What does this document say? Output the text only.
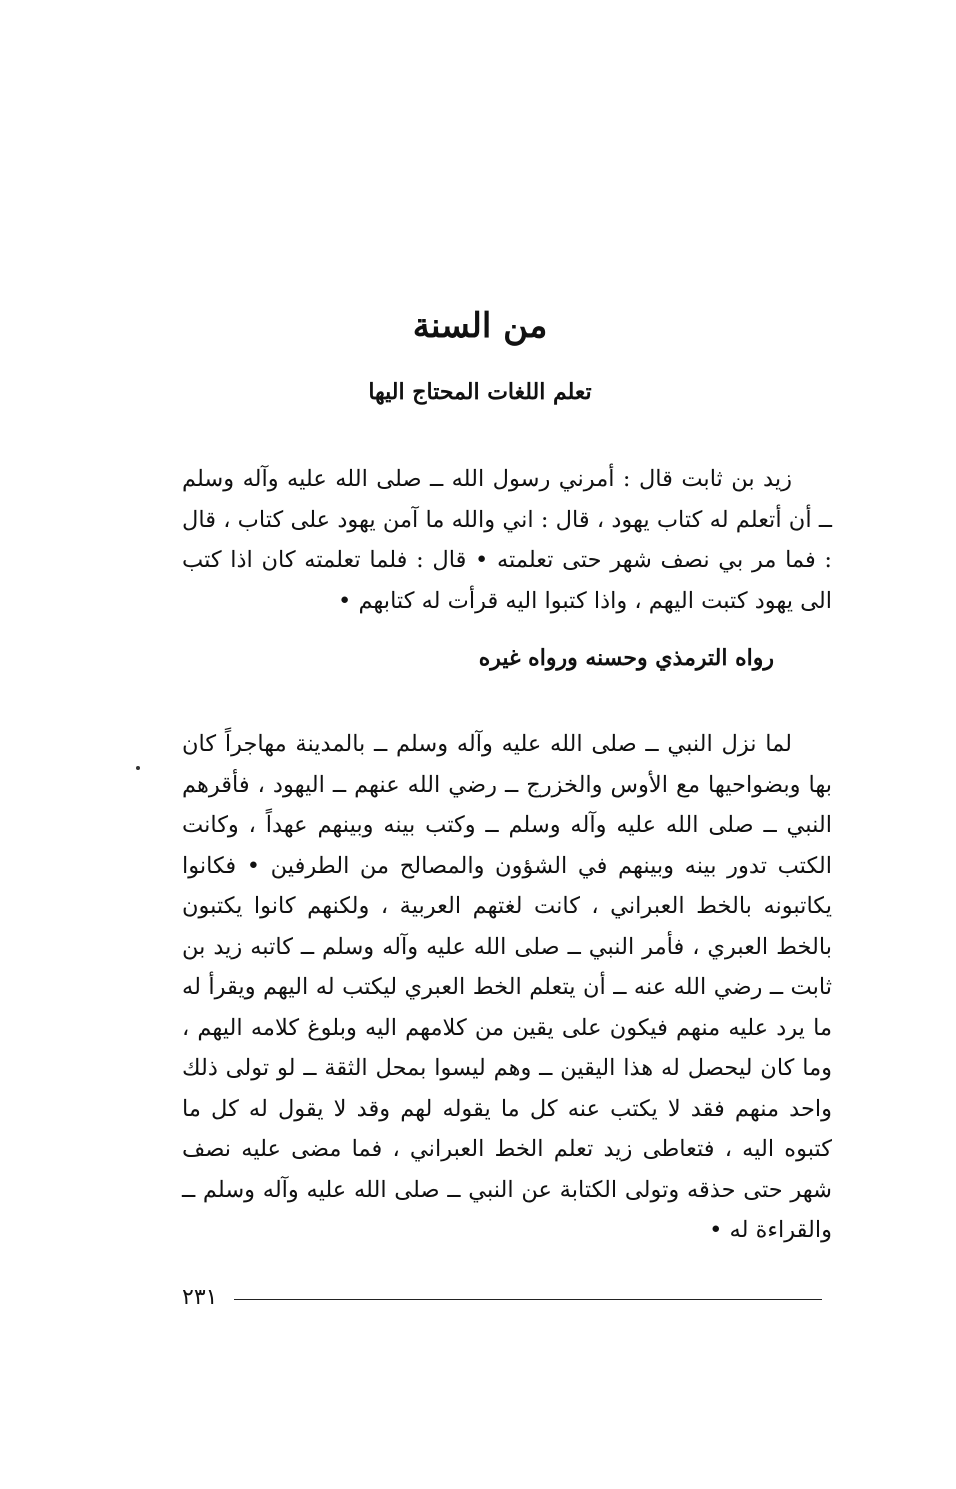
من السنة
تعلم اللغات المحتاج اليها

زيد بن ثابت قال : أمرني رسول الله ــ صلى الله عليه وآله وسلم ــ أن أتعلم له كتاب يهود ، قال : اني والله ما آمن يهود على كتاب ، قال : فما مر بي نصف شهر حتى تعلمته • قال : فلما تعلمته كان اذا كتب الى يهود كتبت اليهم ، واذا كتبوا اليه قرأت له كتابهم •

رواه الترمذي وحسنه ورواه غيره

لما نزل النبي ــ صلى الله عليه وآله وسلم ــ بالمدينة مهاجراً كان بها وبضواحيها مع الأوس والخزرج ــ رضي الله عنهم ــ اليهود ، فأقرهم النبي ــ صلى الله عليه وآله وسلم ــ وكتب بينه وبينهم عهداً ، وكانت الكتب تدور بينه وبينهم في الشؤون والمصالح من الطرفين • فكانوا يكاتبونه بالخط العبراني ، كانت لغتهم العربية ، ولكنهم كانوا يكتبون بالخط العبري ، فأمر النبي ــ صلى الله عليه وآله وسلم ــ كاتبه زيد بن ثابت ــ رضي الله عنه ــ أن يتعلم الخط العبري ليكتب له اليهم ويقرأ له ما يرد عليه منهم فيكون على يقين من كلامهم اليه وبلوغ كلامه اليهم ، وما كان ليحصل له هذا اليقين ــ وهم ليسوا بمحل الثقة ــ لو تولى ذلك واحد منهم فقد لا يكتب عنه كل ما يقوله لهم وقد لا يقول له كل ما كتبوه اليه ، فتعاطى زيد تعلم الخط العبراني ، فما مضى عليه نصف شهر حتى حذقه وتولى الكتابة عن النبي ــ صلى الله عليه وآله وسلم ــ والقراءة له •

٢٣١
